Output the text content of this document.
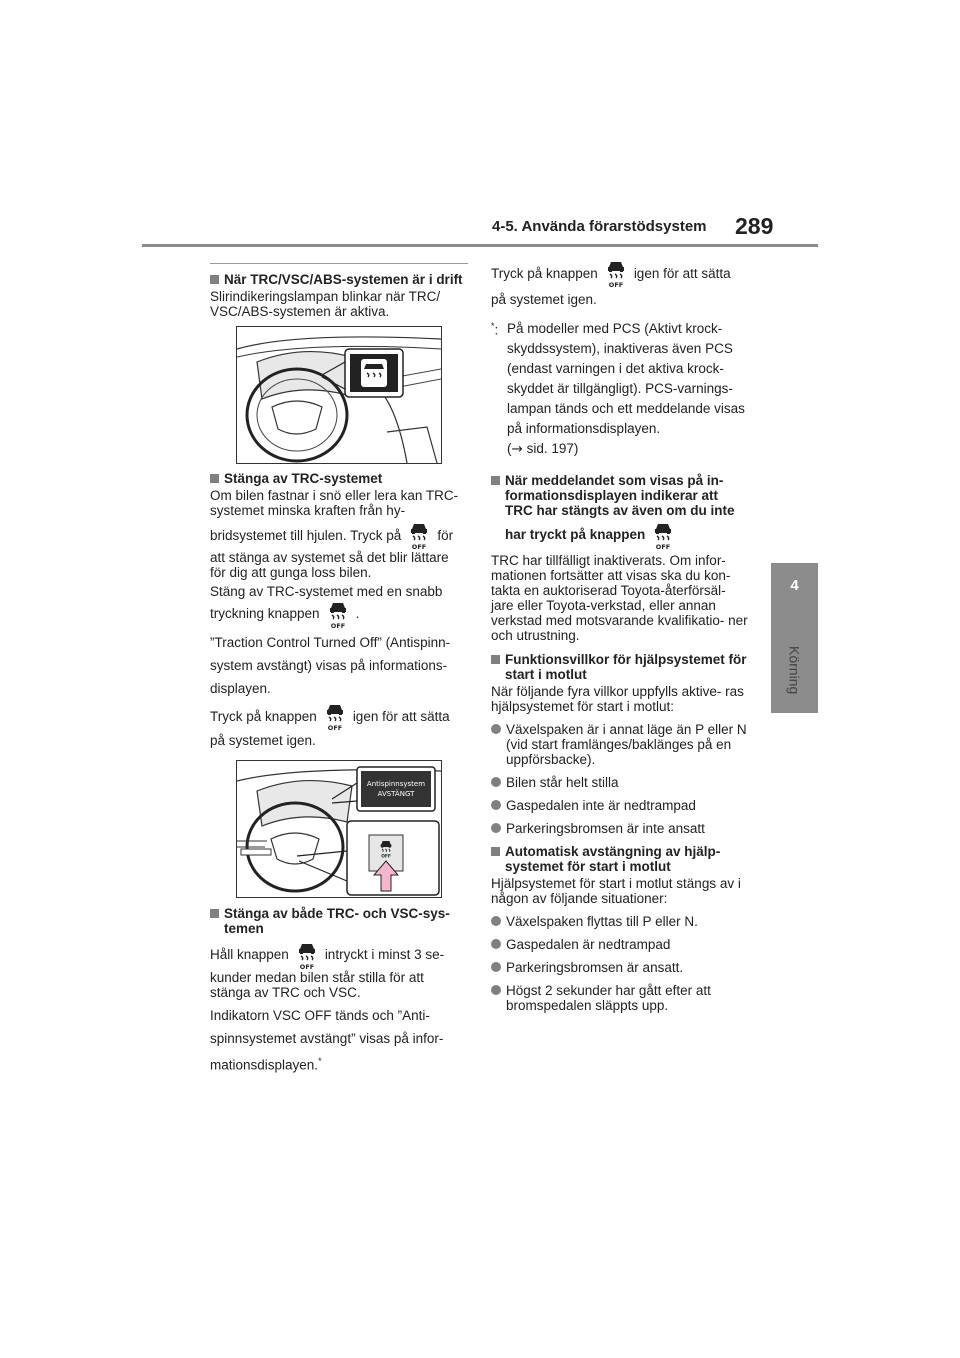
4-5. Använda förarstödsystem 289
4
Körning
När TRC/VSC/ABS-systemen är i drift

Slirindikeringslampan blinkar när TRC/ VSC/ABS-systemen är aktiva.

Stänga av TRC-systemet

Om bilen fastnar i snö eller lera kan TRC-systemet minska kraften från hy-

bridsystemet till hjulen. Tryck på	för

att stänga av systemet så det blir lättare för dig att gunga loss bilen.

Stäng av TRC-systemet med en snabb

tryckning knappen	.

”Traction Control Turned Off” (Antispinn-

system avstängt) visas på informations-

displayen.

Tryck på knappen	igen för att sätta

på systemet igen.

Antispinnsystem
AVSTÄNGT
Stänga av både TRC- och VSC-sys- temen

Håll knappen	intryckt i minst 3 se-

kunder medan bilen står stilla för att stänga av TRC och VSC.

Indikatorn VSC OFF tänds och ”Anti-

spinnsystemet avstängt” visas på infor-

mationsdisplayen.*

Tryck på knappen	igen för att sätta

på systemet igen.

*: På modeller med PCS (Aktivt krock- skyddssystem), inaktiveras även PCS (endast varningen i det aktiva krock- skyddet är tillgängligt). PCS-varnings- lampan tänds och ett meddelande visas på informationsdisplayen.
(→ sid. 197)
När meddelandet som visas på in- formationsdisplayen indikerar att TRC har stängts av även om du inte

har tryckt på knappen

TRC har tillfälligt inaktiverats. Om infor- mationen fortsätter att visas ska du kon- takta en auktoriserad Toyota-återförsäl- jare eller Toyota-verkstad, eller annan verkstad med motsvarande kvalifikatio- ner och utrustning.

Funktionsvillkor för hjälpsystemet för start i motlut

När följande fyra villkor uppfylls aktive- ras hjälpsystemet för start i motlut:

Växelspaken är i annat läge än P eller N (vid start framlänges/baklänges på en uppförsbacke).
Bilen står helt stilla
Gaspedalen inte är nedtrampad
Parkeringsbromsen är inte ansatt
Automatisk avstängning av hjälp- systemet för start i motlut

Hjälpsystemet för start i motlut stängs av i någon av följande situationer:

Växelspaken flyttas till P eller N.
Gaspedalen är nedtrampad
Parkeringsbromsen är ansatt.
Högst 2 sekunder har gått efter att bromspedalen släppts upp.
